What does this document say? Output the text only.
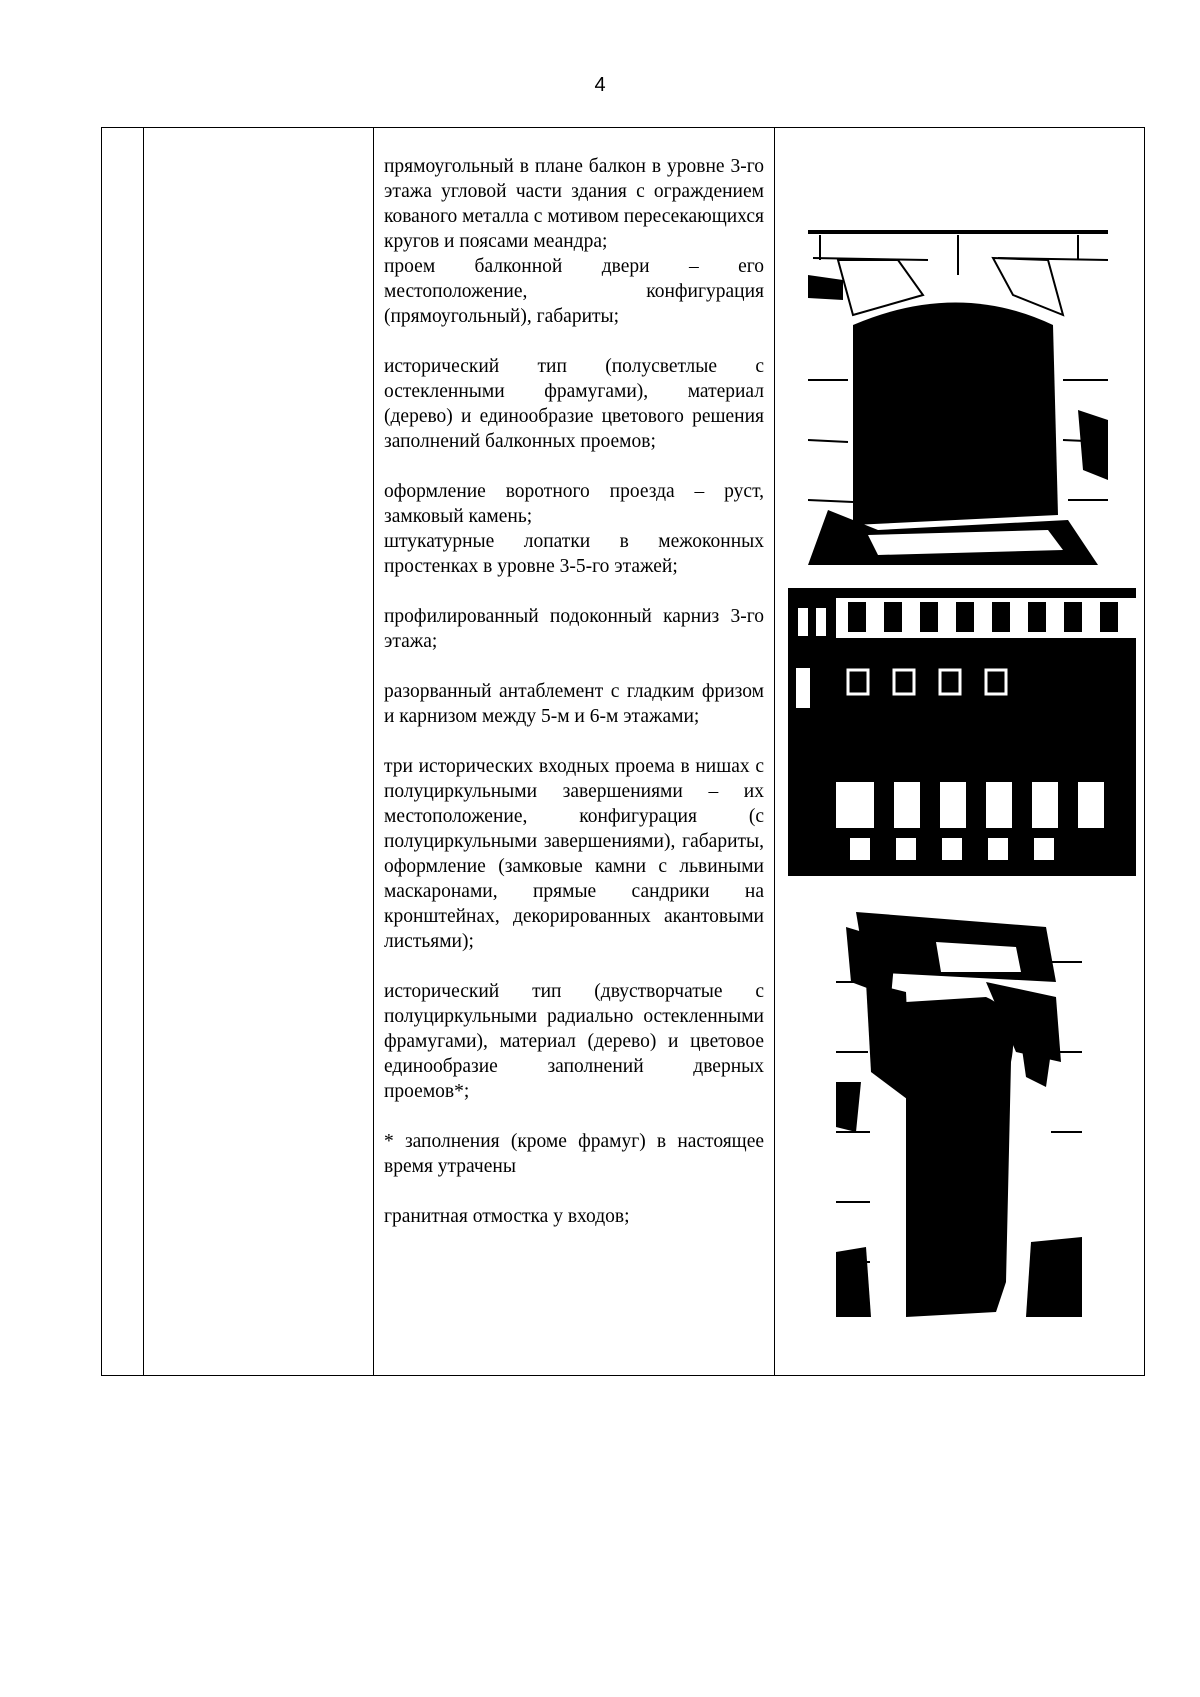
4

прямоугольный в плане балкон в уровне 3-го этажа угловой части здания с ограждением кованого металла с мотивом пересекающихся кругов и поясами меандра;

проем балконной двери – его местоположение, конфигурация (прямоугольный), габариты;

исторический тип (полусветлые с остекленными фрамугами), материал (дерево) и единообразие цветового решения заполнений балконных проемов;

оформление воротного проезда – руст, замковый камень;

штукатурные лопатки в межоконных простенках в уровне 3-5-го этажей;

профилированный подоконный карниз 3-го этажа;

разорванный антаблемент с гладким фризом и карнизом между 5-м и 6-м этажами;

три исторических входных проема в нишах с полуциркульными завершениями – их местоположение, конфигурация (с полуциркульными завершениями), габариты, оформление (замковые камни с львиными маскаронами, прямые сандрики на кронштейнах, декорированных акантовыми листьями);

исторический тип (двустворчатые с полуциркульными радиально остекленными фрамугами), материал (дерево) и цветовое единообразие заполнений дверных проемов*;

* заполнения (кроме фрамуг) в настоящее время утрачены

гранитная отмостка у входов;
